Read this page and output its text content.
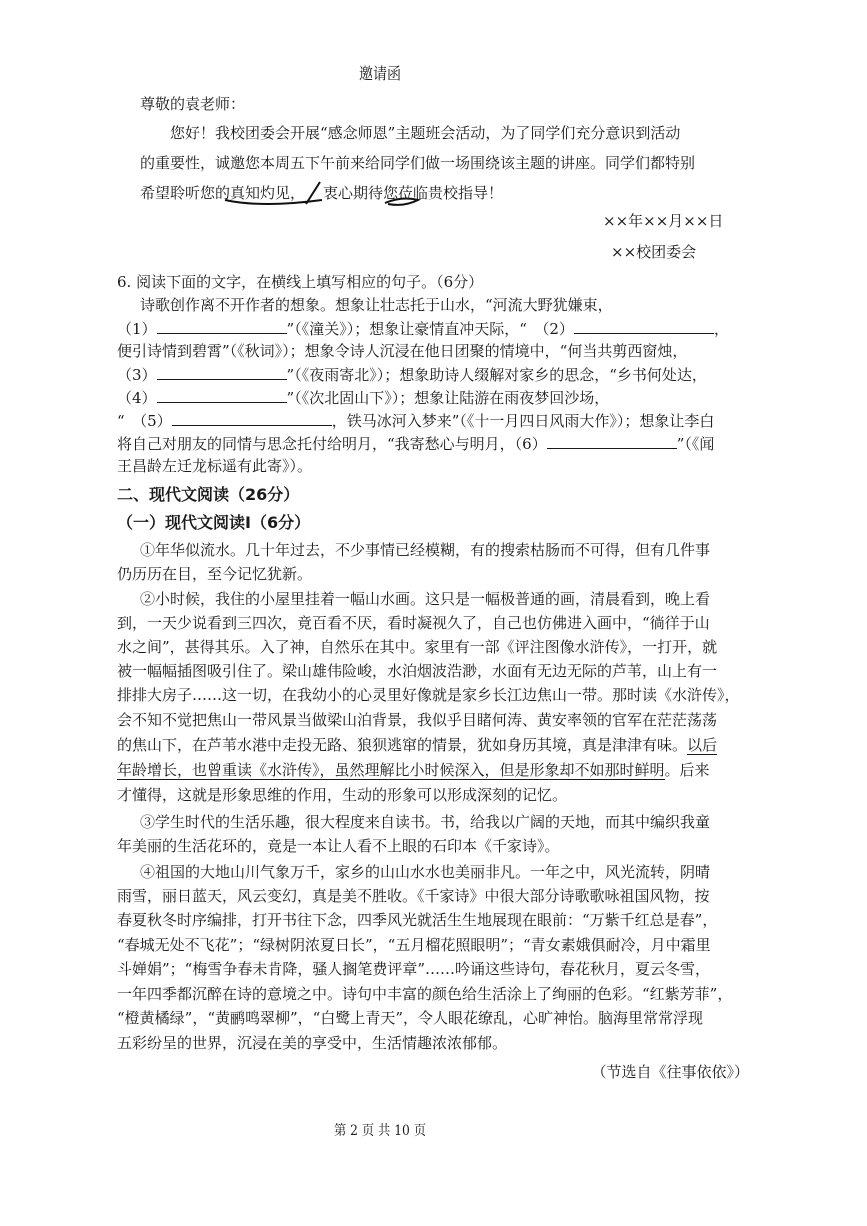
邀请函
尊敬的袁老师：
您好！我校团委会开展“感念师恩”主题班会活动，为了同学们充分意识到活动
的重要性，诚邀您本周五下午前来给同学们做一场围绕该主题的讲座。同学们都特别
希望聆听您的真知灼见， 衷心期待您莅临贵校指导！
××年××月××日
××校团委会
6. 阅读下面的文字，在横线上填写相应的句子。（6分）
诗歌创作离不开作者的想象。想象让壮志托于山水，“河流大野犹嫌束，
（1）	”（《潼关》）；想象让豪情直冲天际，“　（2）	，
便引诗情到碧霄”（《秋词》）；想象令诗人沉浸在他日团聚的情境中，“何当共剪西窗烛，
（3）	”（《夜雨寄北》）；想象助诗人缀解对家乡的思念，“乡书何处达，
（4）	”（《次北固山下》）；想象让陆游在雨夜梦回沙场，
“　（5）	，铁马冰河入梦来”（《十一月四日风雨大作》）；想象让李白
将自己对朋友的同情与思念托付给明月，“我寄愁心与明月，（6）	”（《闻
王昌龄左迁龙标遥有此寄》）。
二、现代文阅读（26分）
（一）现代文阅读Ⅰ（6分）
①年华似流水。几十年过去，不少事情已经模糊，有的搜索枯肠而不可得，但有几件事
仍历历在目，至今记忆犹新。
②小时候，我住的小屋里挂着一幅山水画。这只是一幅极普通的画，清晨看到，晚上看
到，一天少说看到三四次，竟百看不厌，看时凝视久了，自己也仿佛进入画中，“徜徉于山
水之间”，甚得其乐。入了神，自然乐在其中。家里有一部《评注图像水浒传》，一打开，就
被一幅幅插图吸引住了。梁山雄伟险峻，水泊烟波浩渺，水面有无边无际的芦苇，山上有一
排排大房子……这一切，在我幼小的心灵里好像就是家乡长江边焦山一带。那时读《水浒传》，
会不知不觉把焦山一带风景当做梁山泊背景，我似乎目睹何涛、黄安率领的官军在茫茫荡荡
的焦山下，在芦苇水港中走投无路、狼狈逃窜的情景，犹如身历其境，真是津津有味。以后
年龄增长，也曾重读《水浒传》，虽然理解比小时候深入，但是形象却不如那时鲜明。后来
才懂得，这就是形象思维的作用，生动的形象可以形成深刻的记忆。
③学生时代的生活乐趣，很大程度来自读书。书，给我以广阔的天地，而其中编织我童
年美丽的生活花环的，竟是一本让人看不上眼的石印本《千家诗》。
④祖国的大地山川气象万千，家乡的山山水水也美丽非凡。一年之中，风光流转，阴晴
雨雪，丽日蓝天，风云变幻，真是美不胜收。《千家诗》中很大部分诗歌歌咏祖国风物，按
春夏秋冬时序编排，打开书往下念，四季风光就活生生地展现在眼前：“万紫千红总是春”，
“春城无处不飞花”；“绿树阴浓夏日长”，“五月榴花照眼明”；“青女素娥俱耐冷，月中霜里
斗婵娟”；“梅雪争春未肯降，骚人搁笔费评章”……吟诵这些诗句，春花秋月，夏云冬雪，
一年四季都沉醉在诗的意境之中。诗句中丰富的颜色给生活涂上了绚丽的色彩。“红紫芳菲”，
“橙黄橘绿”，“黄鹂鸣翠柳”，“白鹭上青天”，令人眼花缭乱，心旷神怡。脑海里常常浮现
五彩纷呈的世界，沉浸在美的享受中，生活情趣浓浓郁郁。
（节选自《往事依依》）
第 2 页 共 10 页
